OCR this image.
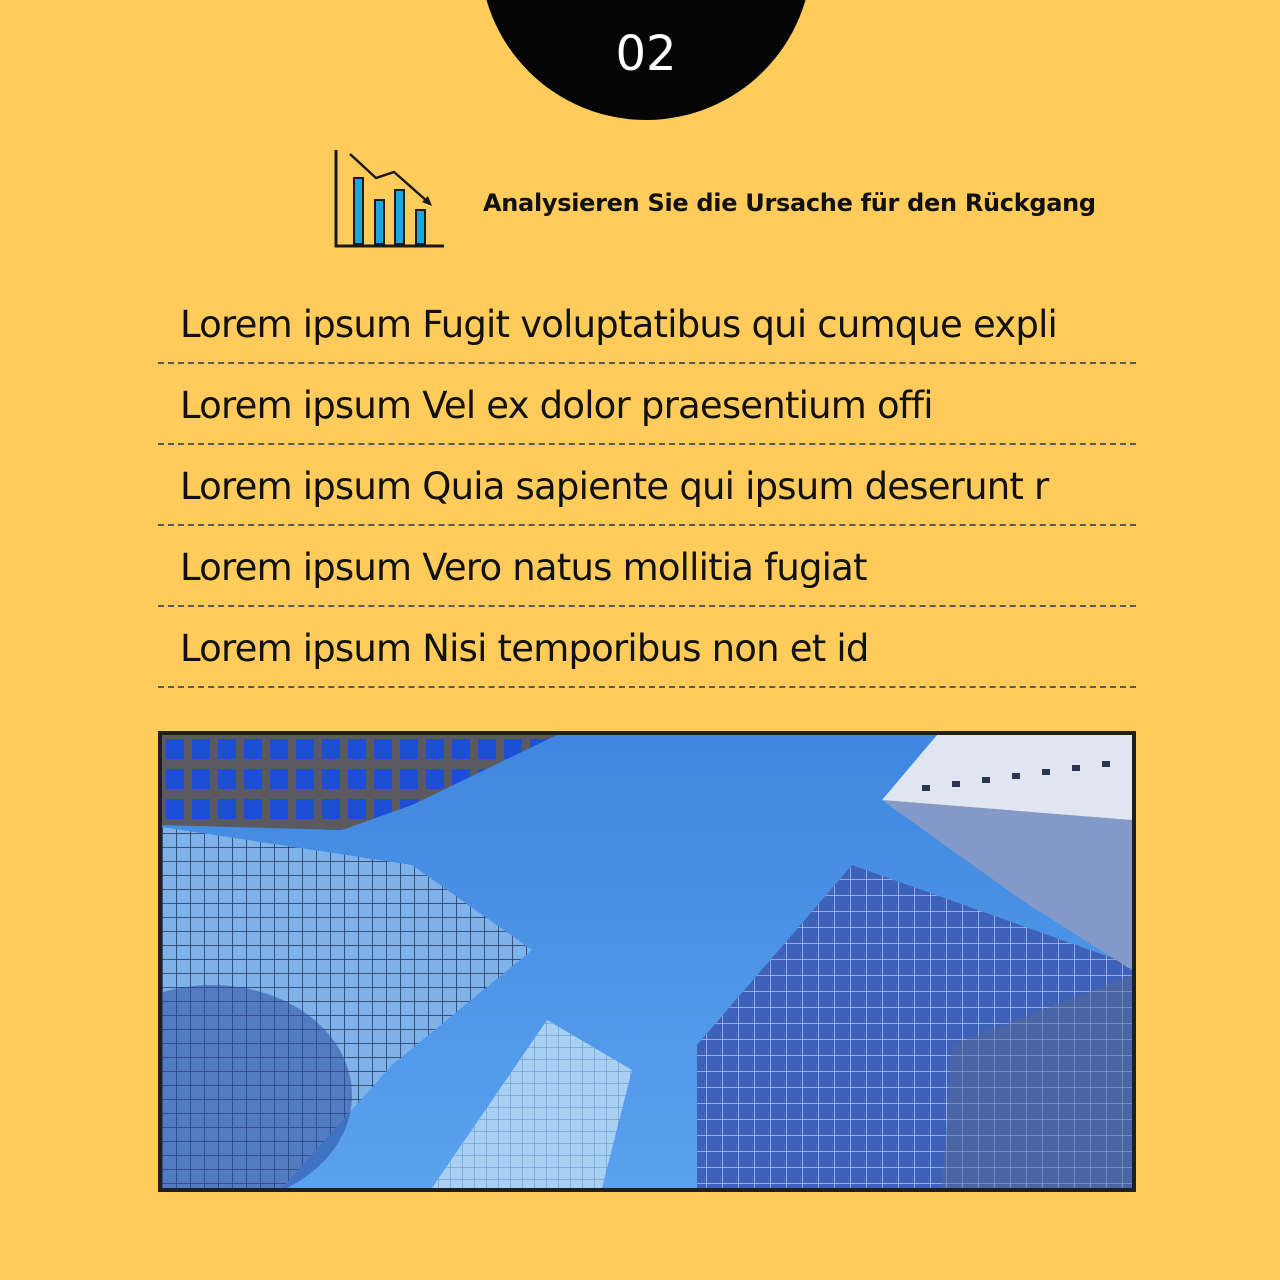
02
Analysieren Sie die Ursache für den Rückgang
Lorem ipsum Fugit voluptatibus qui cumque expli
Lorem ipsum Vel ex dolor praesentium offi
Lorem ipsum Quia sapiente qui ipsum deserunt r
Lorem ipsum Vero natus mollitia fugiat
Lorem ipsum Nisi temporibus non et id
